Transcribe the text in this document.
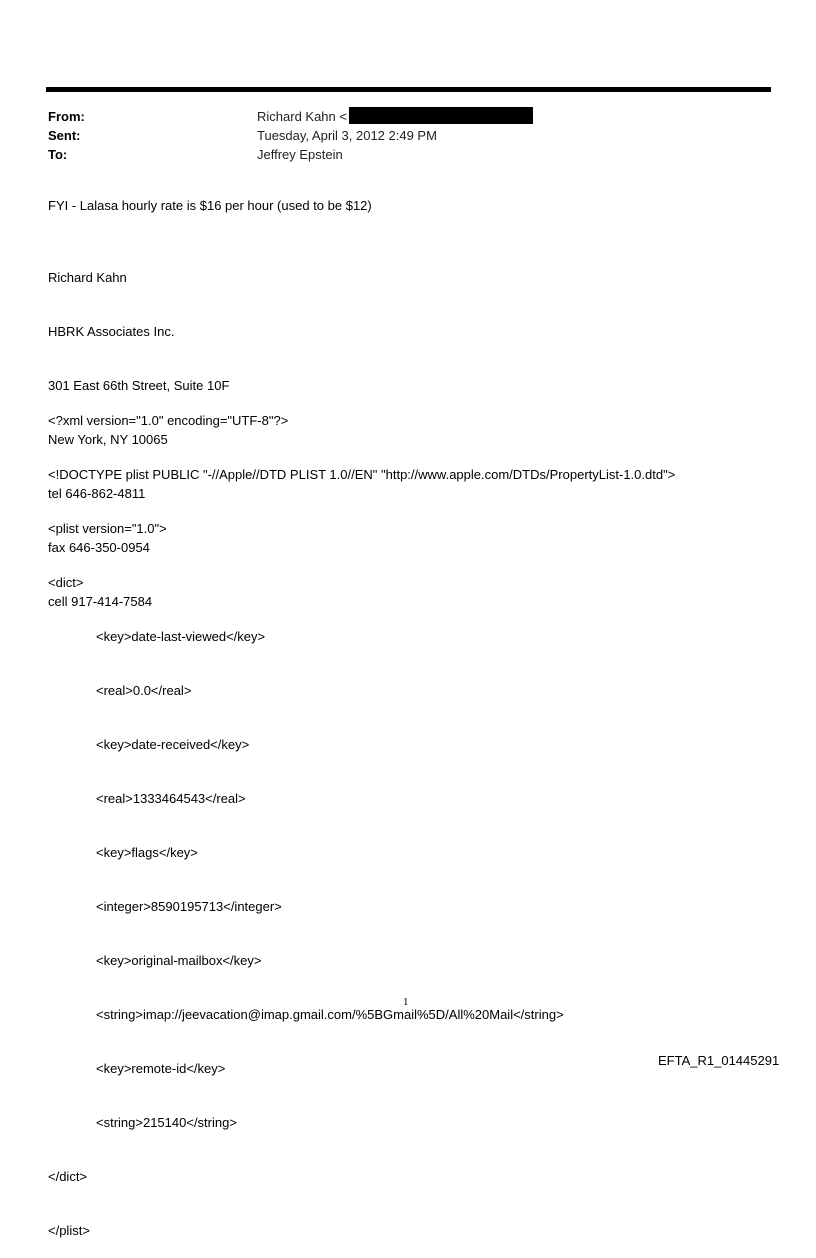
From:	Richard Kahn <
Sent:	Tuesday, April 3, 2012 2:49 PM
To:	Jeffrey Epstein
FYI - Lalasa hourly rate is $16 per hour (used to be $12)

Richard Kahn

HBRK Associates Inc.

301 East 66th Street, Suite 10F

New York, NY 10065

tel 646-862-4811

fax 646-350-0954

cell 917-414-7584

<?xml version="1.0" encoding="UTF-8"?>

<!DOCTYPE plist PUBLIC "-//Apple//DTD PLIST 1.0//EN" "http://www.apple.com/DTDs/PropertyList-1.0.dtd">

<plist version="1.0">

<dict>

<key>date-last-viewed</key>

<real>0.0</real>

<key>date-received</key>

<real>1333464543</real>

<key>flags</key>

<integer>8590195713</integer>

<key>original-mailbox</key>

<string>imap://jeevacation@imap.gmail.com/%5BGmail%5D/All%20Mail</string>

<key>remote-id</key>

<string>215140</string>

</dict>

</plist>

1
EFTA_R1_01445291
